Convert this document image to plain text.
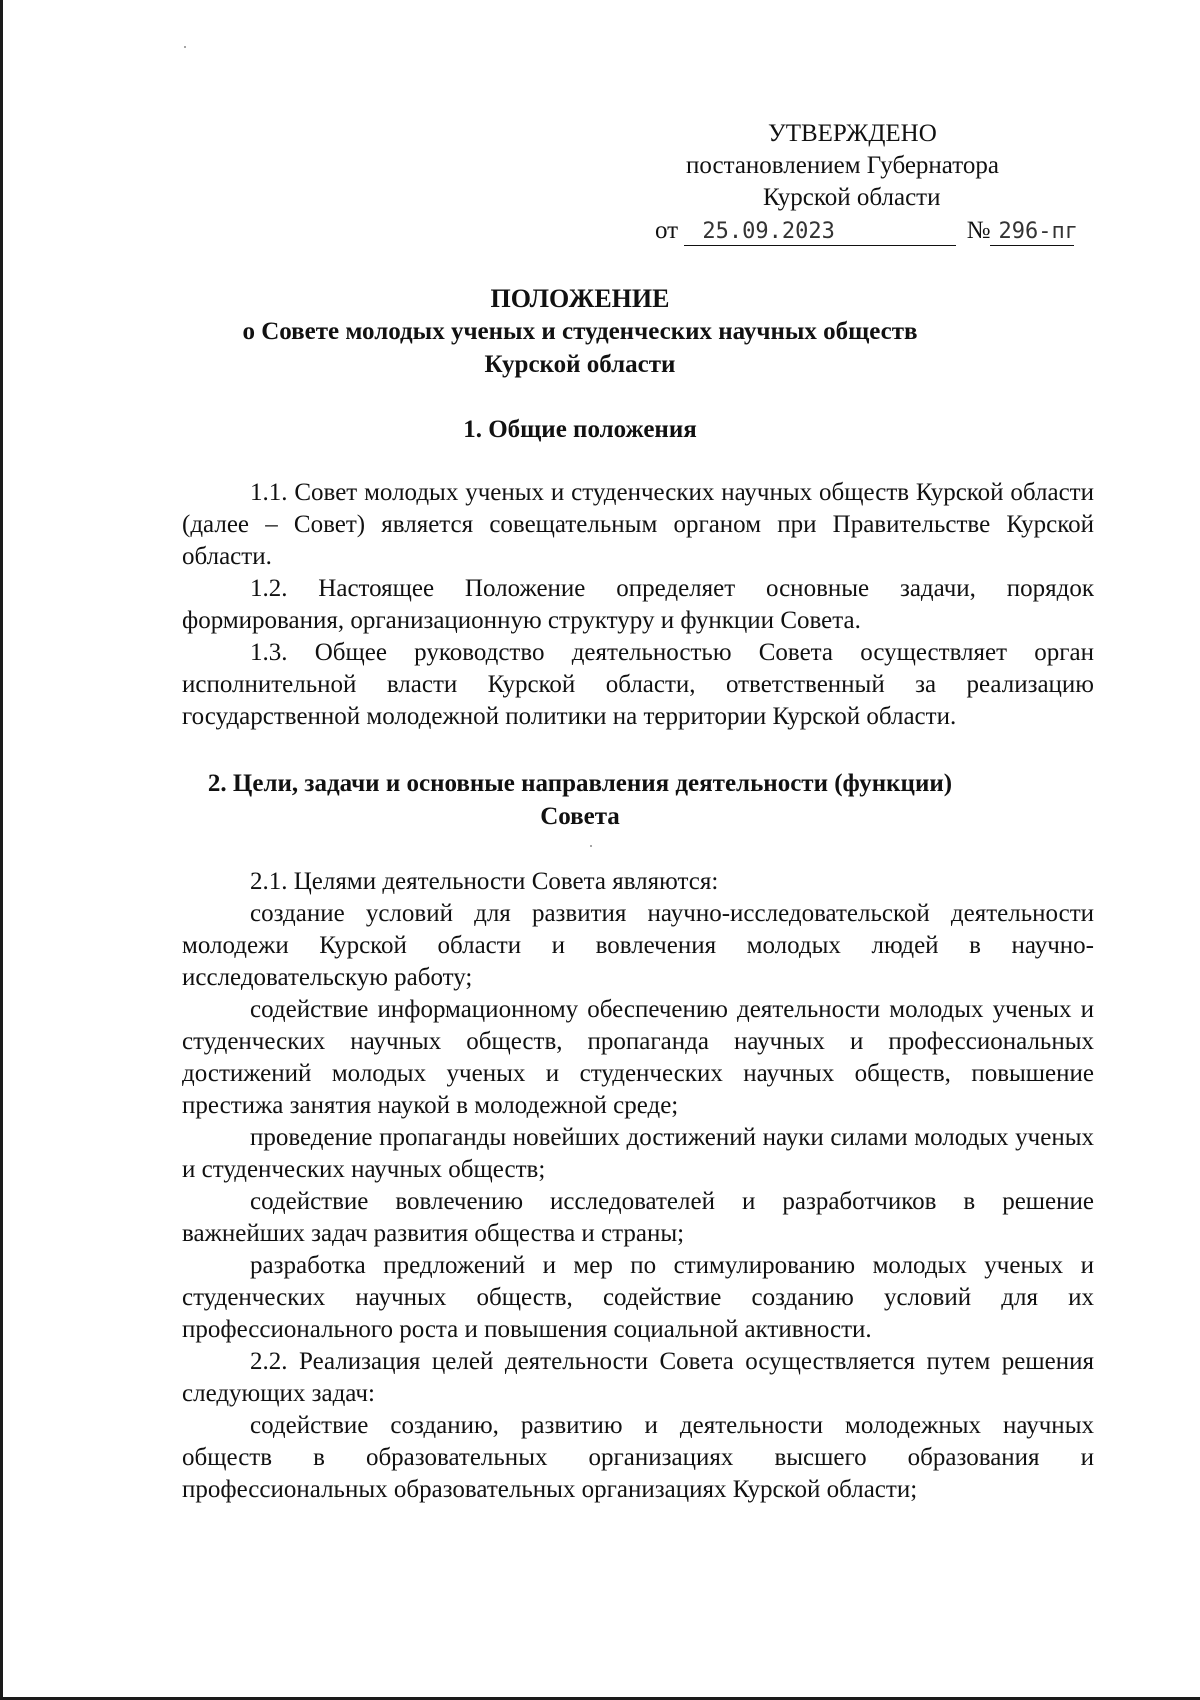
УТВЕРЖДЕНО
постановлением Губернатора
Курской области
от 25.09.2023	№ 296-пг
ПОЛОЖЕНИЕ
о Совете молодых ученых и студенческих научных обществ
Курской области
1. Общие положения

1.1. Совет молодых ученых и студенческих научных обществ Курской области (далее – Совет) является совещательным органом при Правительстве Курской области.

1.2. Настоящее Положение определяет основные задачи, порядок формирования, организационную структуру и функции Совета.

1.3. Общее руководство деятельностью Совета осуществляет орган исполнительной власти Курской области, ответственный за реализацию государственной молодежной политики на территории Курской области.

2. Цели, задачи и основные направления деятельности (функции)
Совета

2.1. Целями деятельности Совета являются:

создание условий для развития научно-исследовательской деятельности молодежи Курской области и вовлечения молодых людей в научно-исследовательскую работу;

содействие информационному обеспечению деятельности молодых ученых и студенческих научных обществ, пропаганда научных и профессиональных достижений молодых ученых и студенческих научных обществ, повышение престижа занятия наукой в молодежной среде;

проведение пропаганды новейших достижений науки силами молодых ученых и студенческих научных обществ;

содействие вовлечению исследователей и разработчиков в решение важнейших задач развития общества и страны;

разработка предложений и мер по стимулированию молодых ученых и студенческих научных обществ, содействие созданию условий для их профессионального роста и повышения социальной активности.

2.2. Реализация целей деятельности Совета осуществляется путем решения следующих задач:

содействие созданию, развитию и деятельности молодежных научных обществ в образовательных организациях высшего образования и профессиональных образовательных организациях Курской области;
